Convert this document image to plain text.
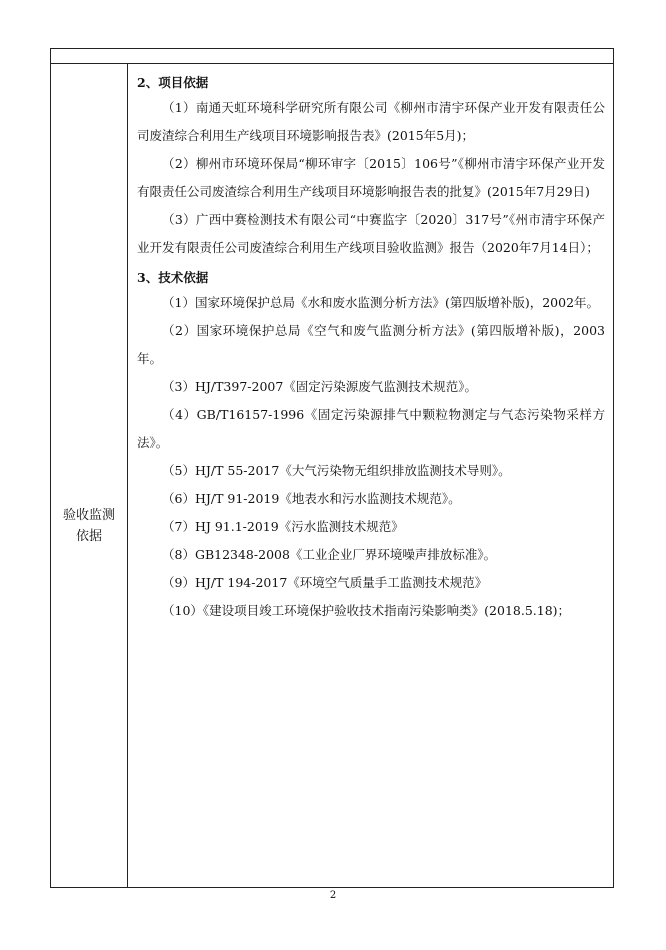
验收监测
依据

2、项目依据

（1）南通天虹环境科学研究所有限公司《柳州市清宇环保产业开发有限责任公司废渣综合利用生产线项目环境影响报告表》(2015年5月)；

（2）柳州市环境环保局“柳环审字〔2015〕106号”《柳州市清宇环保产业开发有限责任公司废渣综合利用生产线项目环境影响报告表的批复》(2015年7月29日)

（3）广西中赛检测技术有限公司“中赛监字〔2020〕317号”《州市清宇环保产业开发有限责任公司废渣综合利用生产线项目验收监测》报告（2020年7月14日）；

3、技术依据

（1）国家环境保护总局《水和废水监测分析方法》(第四版增补版)，2002年。

（2）国家环境保护总局《空气和废气监测分析方法》(第四版增补版)，2003年。

（3）HJ/T397-2007《固定污染源废气监测技术规范》。

（4）GB/T16157-1996《固定污染源排气中颗粒物测定与气态污染物采样方法》。

（5）HJ/T 55-2017《大气污染物无组织排放监测技术导则》。

（6）HJ/T 91-2019《地表水和污水监测技术规范》。

（7）HJ 91.1-2019《污水监测技术规范》

（8）GB12348-2008《工业企业厂界环境噪声排放标准》。

（9）HJ/T 194-2017《环境空气质量手工监测技术规范》

（10）《建设项目竣工环境保护验收技术指南污染影响类》(2018.5.18)；

2
